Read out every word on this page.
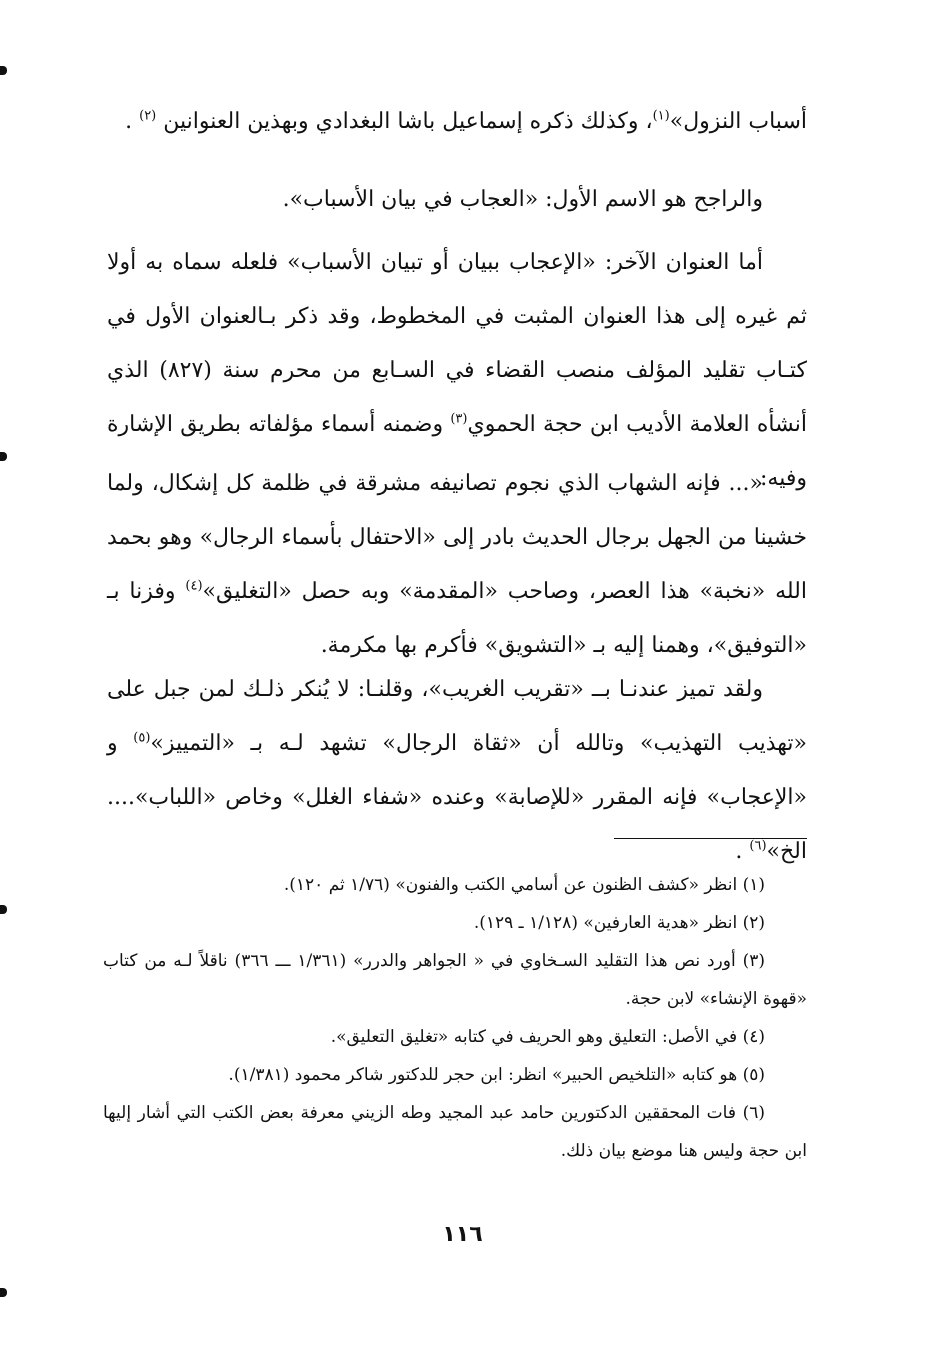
أسباب النزول»$^{(١)}$، وكذلك ذكره إسماعيل باشا البغدادي وبهذين العنوانين $^{(٢)}$ .

والراجح هو الاسم الأول: «العجاب في بيان الأسباب».

أما العنوان الآخر: «الإعجاب ببيان أو تبيان الأسباب» فلعله سماه به أولا ثم غيره إلى هذا العنوان المثبت في المخطوط، وقد ذكر بـالعنوان الأول في كتـاب تقليد المؤلف منصب القضاء في السـابع من محرم سنة (٨٢٧) الذي أنشأه العلامة الأديب ابن حجة الحموي$^{(٣)}$ وضمنه أسماء مؤلفاته بطريق الإشارة وفيه:

«... فإنه الشهاب الذي نجوم تصانيفه مشرقة في ظلمة كل إشكال، ولما خشينا من الجهل برجال الحديث بادر إلى «الاحتفال بأسماء الرجال» وهو بحمد الله «نخبة» هذا العصر، وصاحب «المقدمة» وبه حصل «التغليق»$^{(٤)}$ وفزنا بـ «التوفيق»، وهمنا إليه بـ «التشويق» فأكرم بها مكرمة.

ولقد تميز عندنـا بــ «تقريب الغريب»، وقلنـا: لا يُنكر ذلـك لمن جبل على «تهذيب التهذيب» وتالله أن «ثقاة الرجال» تشهد لـه بـ «التمييز»$^{(٥)}$ و «الإعجاب» فإنه المقرر «للإصابة» وعنده «شفاء الغلل» وخاص «اللباب».... الخ»$^{(٦)}$ .

(١) انظر «كشف الظنون عن أسامي الكتب والفنون» (١/٧٦ ثم ١٢٠).

(٢) انظر «هدية العارفين» (١/١٢٨ ـ ١٢٩).

(٣) أورد نص هذا التقليد السـخاوي في « الجواهر والدرر» (١/٣٦١ ـــ ٣٦٦) ناقلاً لـه من كتاب «قهوة الإنشاء» لابن حجة.

(٤) في الأصل: التعليق وهو الحريف في كتابه «تغليق التعليق».

(٥) هو كتابه «التلخيص الحبير» انظر: ابن حجر للدكتور شاكر محمود (١/٣٨١).

(٦) فات المحققين الدكتورين حامد عبد المجيد وطه الزيني معرفة بعض الكتب التي أشار إليها ابن حجة وليس هنا موضع بيان ذلك.

١١٦
